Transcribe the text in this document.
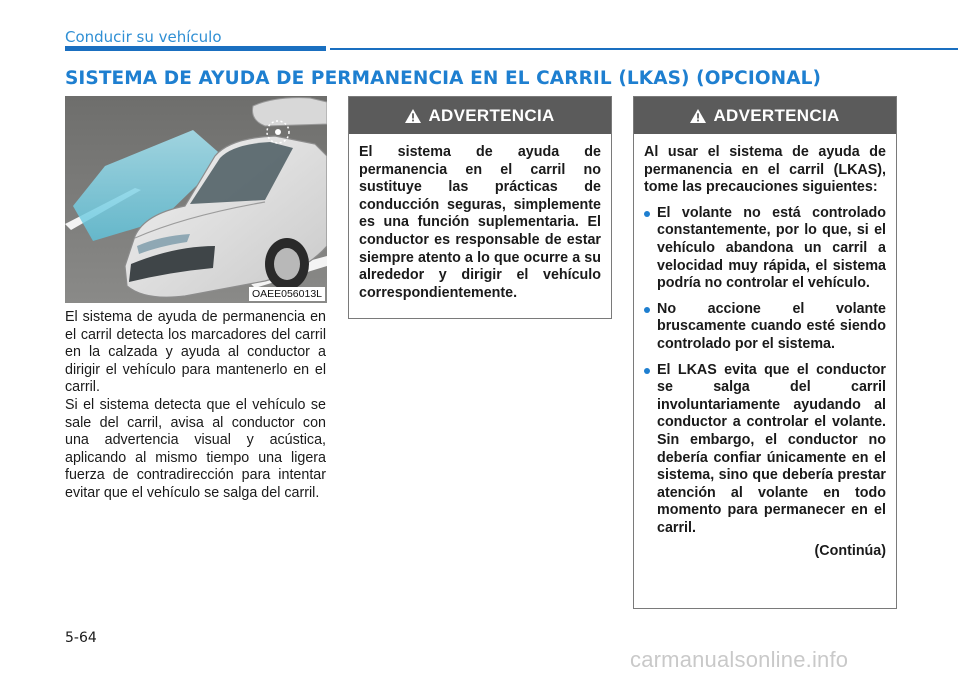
Conducir su vehículo
SISTEMA DE AYUDA DE PERMANENCIA EN EL CARRIL (LKAS) (OPCIONAL)
OAEE056013L

El sistema de ayuda de permanencia en el carril detecta los marcadores del carril en la calzada y ayuda al conductor a dirigir el vehículo para mantenerlo en el carril.

Si el sistema detecta que el vehículo se sale del carril, avisa al conductor con una advertencia visual y acústica, aplicando al mismo tiempo una ligera fuerza de contradirección para intentar evitar que el vehículo se salga del carril.

ADVERTENCIA

El sistema de ayuda de permanencia en el carril no sustituye las prácticas de conducción seguras, simplemente es una función suplementaria. El conductor es responsable de estar siempre atento a lo que ocurre a su alrededor y dirigir el vehículo correspondientemente.

ADVERTENCIA

Al usar el sistema de ayuda de permanencia en el carril (LKAS), tome las precauciones siguientes:

El volante no está controlado constantemente, por lo que, si el vehículo abandona un carril a velocidad muy rápida, el sistema podría no controlar el vehículo.
No accione el volante bruscamente cuando esté siendo controlado por el sistema.
El LKAS evita que el conductor se salga del carril involuntariamente ayudando al conductor a controlar el volante. Sin embargo, el conductor no debería confiar únicamente en el sistema, sino que debería prestar atención al volante en todo momento para permanecer en el carril.

(Continúa)

5-64
carmanualsonline.info
